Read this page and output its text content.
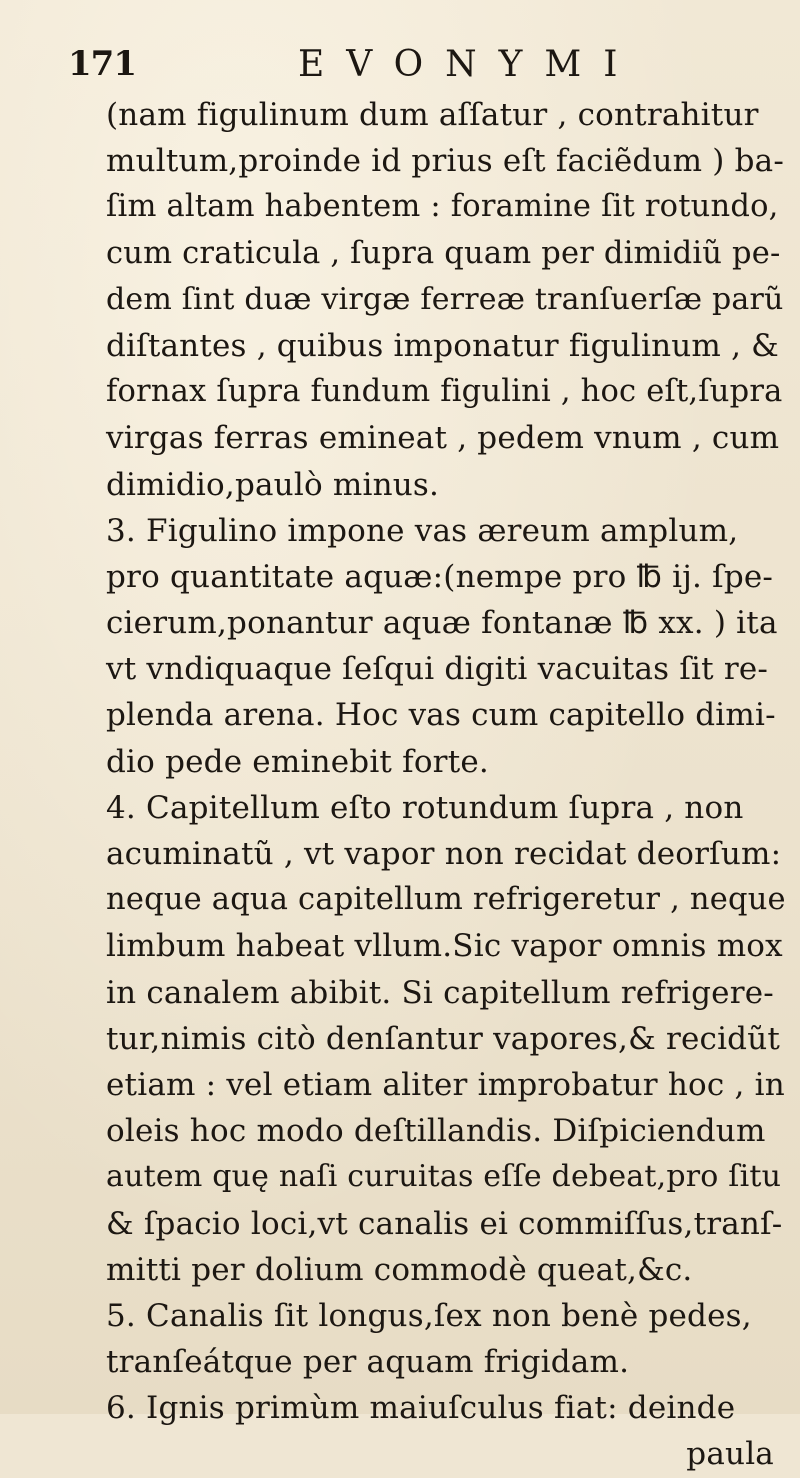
171	EVONYMI
(nam figulinum dum aſſatur , contrahitur
multum,proinde id prius eſt faciẽdum ) ba-
ſim altam habentem : foramine ſit rotundo,
cum craticula , ſupra quam per dimidiũ pe-
dem ſint duæ virgæ ferreæ tranſuerſæ parũ
diſtantes , quibus imponatur figulinum , &
fornax ſupra fundum figulini , hoc eſt,ſupra
virgas ferras emineat , pedem vnum , cum
dimidio,paulò minus.
3. Figulino impone vas æreum amplum,
pro quantitate aquæ:(nempe pro ℔ ij. ſpe-
cierum,ponantur aquæ fontanæ ℔ xx. ) ita
vt vndiquaque ſeſqui digiti vacuitas ſit re-
plenda arena. Hoc vas cum capitello dimi-
dio pede eminebit forte.
4. Capitellum eſto rotundum ſupra , non
acuminatũ , vt vapor non recidat deorſum:
neque aqua capitellum refrigeretur , neque
limbum habeat vllum.Sic vapor omnis mox
in canalem abibit. Si capitellum refrigere-
tur,nimis citò denſantur vapores,& recidũt
etiam : vel etiam aliter improbatur hoc , in
oleis hoc modo deſtillandis. Diſpiciendum
autem quę naſi curuitas eſſe debeat,pro ſitu
& ſpacio loci,vt canalis ei commiſſus,tranſ-
mitti per dolium commodè queat,&c.
5. Canalis ſit longus,ſex non benè pedes,
tranſeátque per aquam frigidam.
6. Ignis primùm maiuſculus fiat: deinde
paula
